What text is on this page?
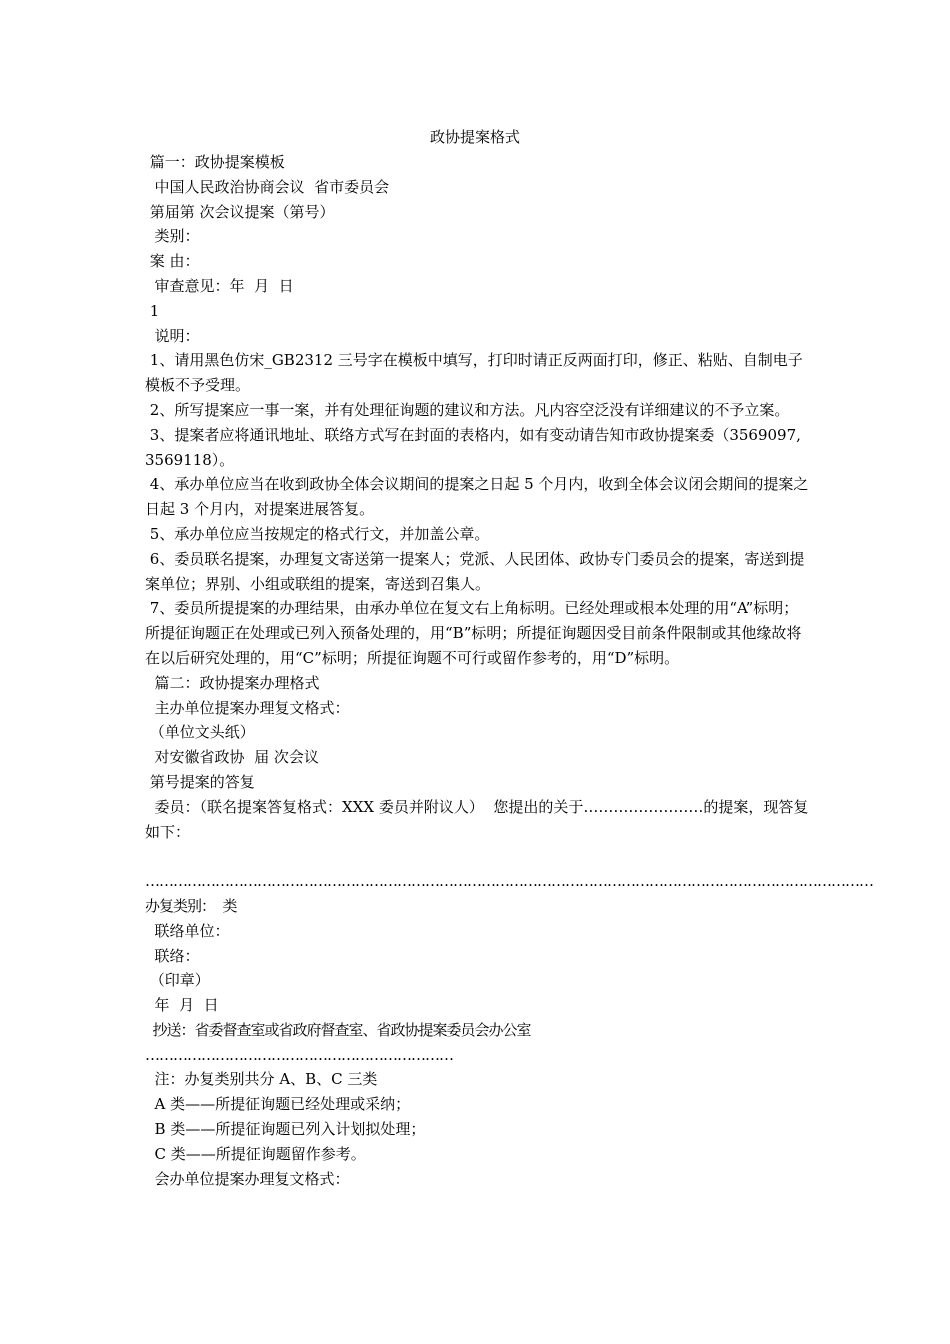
政协提案格式

篇一：政协提案模板

中国人民政治协商会议  省市委员会

第届第 次会议提案（第号）

类别：

案 由：

审查意见：年  月  日

1

说明：

1、请用黑色仿宋_GB2312 三号字在模板中填写，打印时请正反两面打印，修正、粘贴、自制电子模板不予受理。

2、所写提案应一事一案，并有处理征询题的建议和方法。凡内容空泛没有详细建议的不予立案。

3、提案者应将通讯地址、联络方式写在封面的表格内，如有变动请告知市政协提案委（3569097,3569118）。

4、承办单位应当在收到政协全体会议期间的提案之日起 5 个月内，收到全体会议闭会期间的提案之日起 3 个月内，对提案进展答复。

5、承办单位应当按规定的格式行文，并加盖公章。

6、委员联名提案，办理复文寄送第一提案人；党派、人民团体、政协专门委员会的提案，寄送到提案单位；界别、小组或联组的提案，寄送到召集人。

7、委员所提提案的办理结果，由承办单位在复文右上角标明。已经处理或根本处理的用“A”标明；所提征询题正在处理或已列入预备处理的，用“B”标明；所提征询题因受目前条件限制或其他缘故将在以后研究处理的，用“C”标明；所提征询题不可行或留作参考的，用“D”标明。

篇二：政协提案办理格式

主办单位提案办理复文格式：

（单位文头纸）

对安徽省政协  届 次会议

第号提案的答复

委员：（联名提案答复格式：XXX 委员并附议人）  您提出的关于……………………的提案，现答复如下：

………………………………………………………………………………………………………………………………………… 办复类别：  类

联络单位：

联络：

（印章）

年  月  日

抄送：省委督查室或省政府督查室、省政协提案委员会办公室 …………………………………………………………

注：办复类别共分 A、B、C 三类

A 类——所提征询题已经处理或采纳；

B 类——所提征询题已列入计划拟处理；

C 类——所提征询题留作参考。

会办单位提案办理复文格式：
